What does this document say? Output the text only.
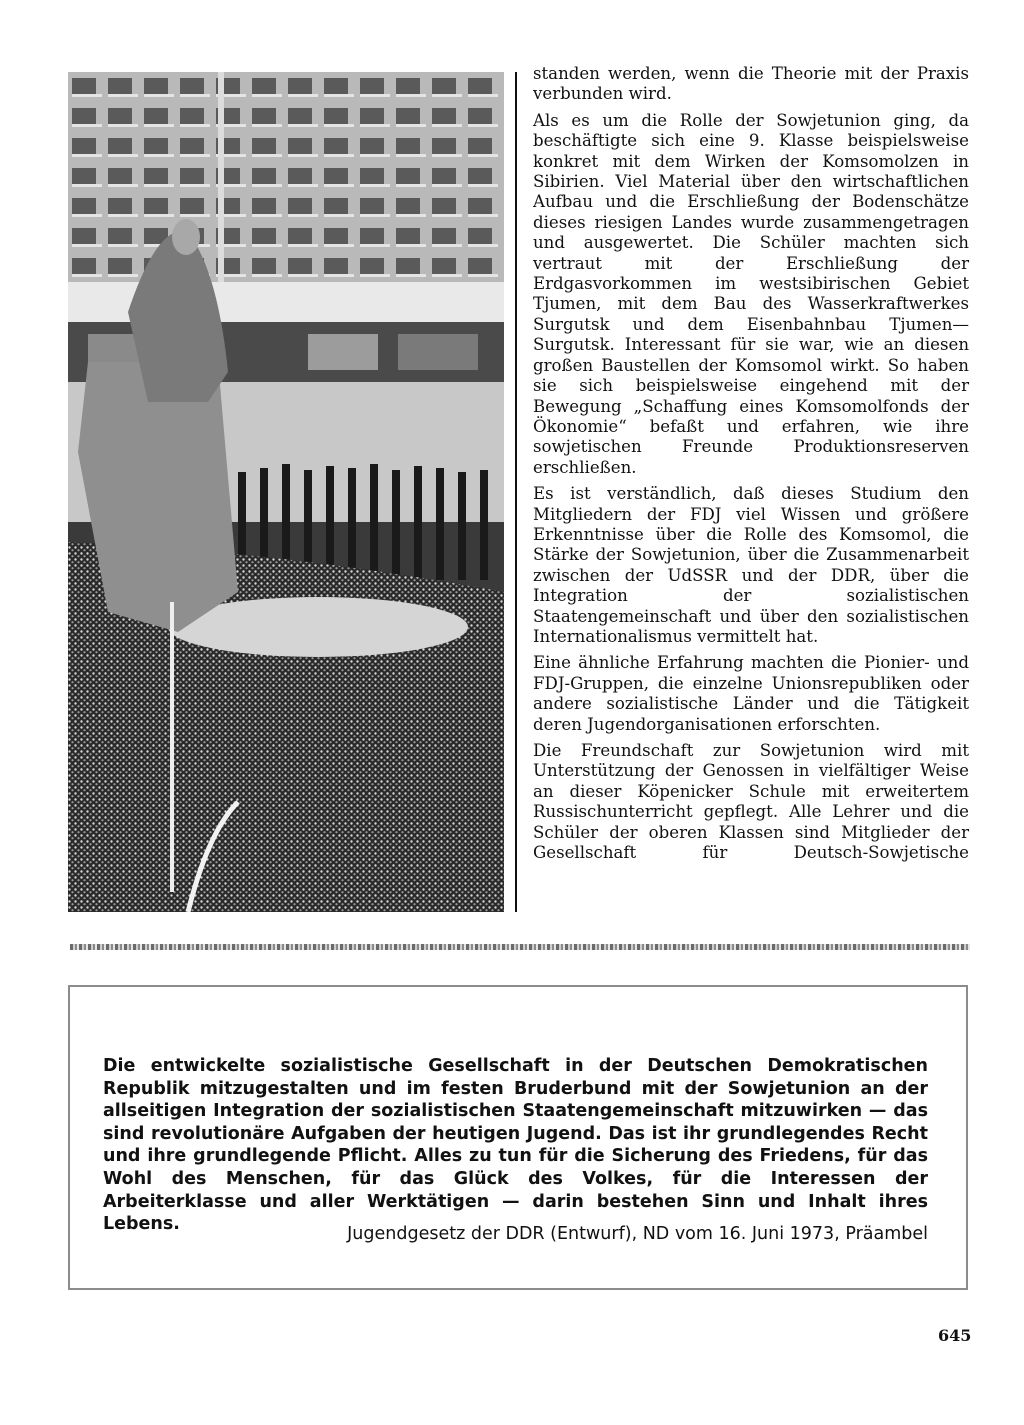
standen werden, wenn die Theorie mit der Praxis verbunden wird.

Als es um die Rolle der Sowjetunion ging, da beschäftigte sich eine 9. Klasse beispielsweise konkret mit dem Wirken der Komsomolzen in Sibirien. Viel Material über den wirtschaftlichen Aufbau und die Erschließung der Bodenschätze dieses riesigen Landes wurde zusammengetragen und ausgewertet. Die Schüler machten sich vertraut mit der Erschließung der Erdgasvorkommen im westsibirischen Gebiet Tjumen, mit dem Bau des Wasserkraftwerkes Surgutsk und dem Eisenbahnbau Tjumen—Surgutsk. Interessant für sie war, wie an diesen großen Baustellen der Komsomol wirkt. So haben sie sich beispielsweise eingehend mit der Bewegung „Schaffung eines Komsomolfonds der Ökonomie“ befaßt und erfahren, wie ihre sowjetischen Freunde Produktionsreserven erschließen.

Es ist verständlich, daß dieses Studium den Mitgliedern der FDJ viel Wissen und größere Erkenntnisse über die Rolle des Komsomol, die Stärke der Sowjetunion, über die Zusammenarbeit zwischen der UdSSR und der DDR, über die Integration der sozialistischen Staatengemeinschaft und über den sozialistischen Internationalismus vermittelt hat.

Eine ähnliche Erfahrung machten die Pionier- und FDJ-Gruppen, die einzelne Unionsrepubliken oder andere sozialistische Länder und die Tätigkeit deren Jugendorganisationen erforschten.

Die Freundschaft zur Sowjetunion wird mit Unterstützung der Genossen in vielfältiger Weise an dieser Köpenicker Schule mit erweitertem Russischunterricht gepflegt. Alle Lehrer und die Schüler der oberen Klassen sind Mitglieder der Gesellschaft für Deutsch-Sowjetische

Die entwickelte sozialistische Gesellschaft in der Deutschen Demokratischen Republik mitzugestalten und im festen Bruderbund mit der Sowjetunion an der allseitigen Integration der sozialistischen Staatengemeinschaft mitzuwirken — das sind revolutionäre Aufgaben der heutigen Jugend. Das ist ihr grundlegendes Recht und ihre grundlegende Pflicht. Alles zu tun für die Sicherung des Friedens, für das Wohl des Menschen, für das Glück des Volkes, für die Interessen der Arbeiterklasse und aller Werktätigen — darin bestehen Sinn und Inhalt ihres Lebens.	Jugendgesetz der DDR (Entwurf), ND vom 16. Juni 1973, Präambel
645
